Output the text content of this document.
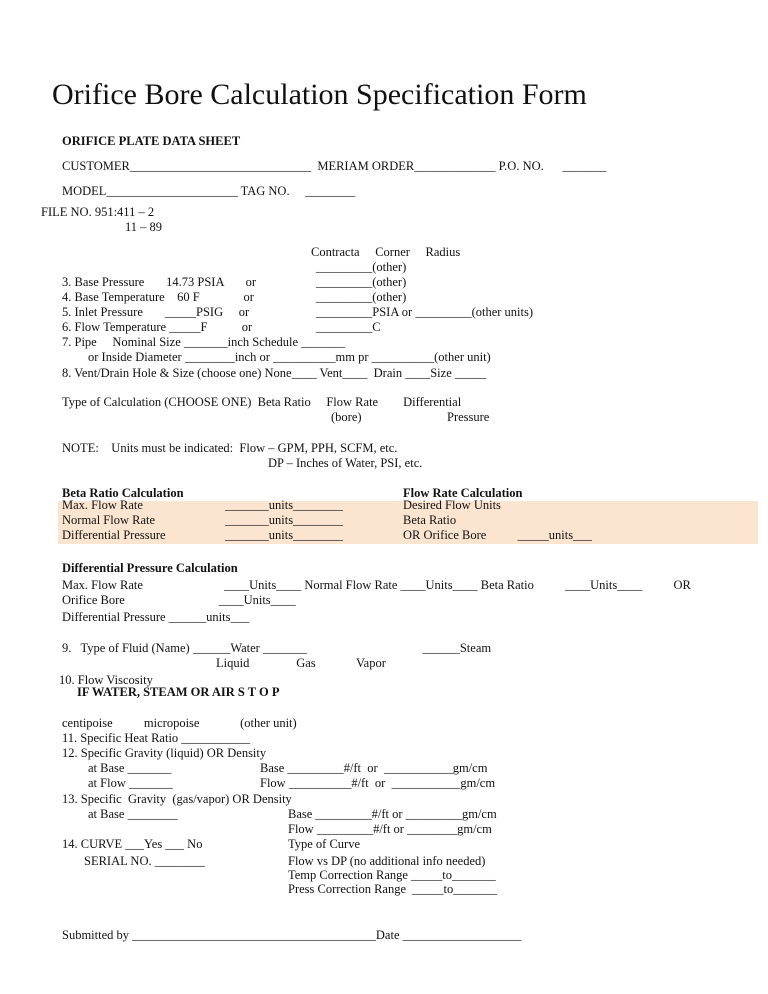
Orifice Bore Calculation Specification Form
ORIFICE PLATE DATA SHEET
CUSTOMER_____________________________  MERIAM ORDER_____________ P.O. NO.      _______
MODEL_____________________ TAG NO.     ________
FILE NO. 951:411 – 2
11 – 89
Contracta     Corner     Radius
_________(other)
3. Base Pressure       14.73 PSIA       or	_________(other)
4. Base Temperature    60 F              or	_________(other)
5. Inlet Pressure       _____PSIG     or	_________PSIA or _________(other units)
6. Flow Temperature _____F           or	_________C
7. Pipe     Nominal Size _______inch Schedule _______
or Inside Diameter ________inch or __________mm pr __________(other unit)
8. Vent/Drain Hole & Size (choose one) None____ Vent____  Drain ____Size _____
Type of Calculation (CHOOSE ONE)  Beta Ratio     Flow Rate        Differential
(bore)	Pressure
NOTE:    Units must be indicated:  Flow – GPM, PPH, SCFM, etc.
DP – Inches of Water, PSI, etc.
Beta Ratio Calculation	Flow Rate Calculation
Max. Flow Rate	_______units________	Desired Flow Units
Normal Flow Rate	_______units________	Beta Ratio
Differential Pressure	_______units________	OR Orifice Bore          _____units___
Differential Pressure Calculation
Max. Flow Rate                          ____Units____ Normal Flow Rate ____Units____ Beta Ratio          ____Units____          OR
Orifice Bore                              ____Units____
Differential Pressure ______units___
9.   Type of Fluid (Name) ______Water _______                                     ______Steam
Liquid               Gas             Vapor
10. Flow Viscosity
IF WATER, STEAM OR AIR S T O P
centipoise          micropoise             (other unit)
11. Specific Heat Ratio ___________
12. Specific Gravity (liquid) OR Density
at Base _______	Base _________#/ft  or  ___________gm/cm
at Flow _______	Flow __________#/ft  or  ___________gm/cm
13. Specific  Gravity  (gas/vapor) OR Density
at Base ________	Base _________#/ft or _________gm/cm
Flow _________#/ft or ________gm/cm
14. CURVE ___Yes ___ No	Type of Curve
SERIAL NO. ________	Flow vs DP (no additional info needed)
Temp Correction Range _____to_______
Press Correction Range  _____to_______
Submitted by _______________________________________Date ___________________
